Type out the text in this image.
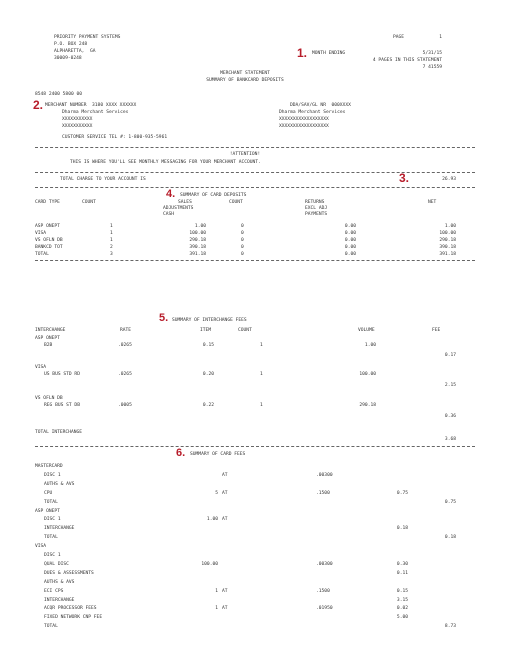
PRIORITY PAYMENT SYSTEMS
P.O. BOX 248
ALPHARETTA,  GA
30009-0248
PAGE	1
1. MONTH ENDING	5/31/15
4 PAGES IN THIS STATEMENT
7 41559
MERCHANT STATEMENT
SUMMARY OF BANKCARD DEPOSITS
8548 2400 5800 00
2. MERCHANT NUMBER  3180 XXXX XXXXXX	DDA/SAV/GL NR  000XXXX
Dharma Merchant Services	Dharma Merchant Services
XXXXXXXXXXX	XXXXXXXXXXXXXXXXXX
XXXXXXXXXXX	XXXXXXXXXXXXXXXXXX
CUSTOMER SERVICE TEL #: 1-800-935-5961
!ATTENTION!
THIS IS WHERE YOU'LL SEE MONTHLY MESSAGING FOR YOUR MERCHANT ACCOUNT.
TOTAL CHARGE TO YOUR ACCOUNT IS	3.	26.93
4. SUMMARY OF CARD DEPOSITS
CARD TYPE	COUNT	SALES	COUNT	RETURNS	NET
ADJUSTMENTS	EXCL ADJ
CASH	PAYMENTS
ASP ONEPT	1	1.00	0	0.00	1.00
VISA	1	100.00	0	0.00	100.00
VS OFLN DB	1	290.18	0	0.00	290.18
BANKCD TOT	2	390.18	0	0.00	390.18
TOTAL	3	391.18	0	0.00	391.18
5. SUMMARY OF INTERCHANGE FEES
INTERCHANGE	RATE	ITEM	COUNT	VOLUME	FEE
ASP ONEPT
B2B	.0265	0.15	1	1.00
0.17
VISA
US BUS STD RD	.0265	0.20	1	100.00
2.15
VS OFLN DB
REG BUS ST DB	.0005	0.22	1	290.18
0.36
TOTAL INTERCHANGE
3.68
6. SUMMARY OF CARD FEES
MASTERCARD
DISC 1	AT	.00300
AUTHS & AVS
CPU	5 AT	.1500	0.75
TOTAL	0.75
ASP ONEPT
DISC 1	1.00 AT
INTERCHANGE	0.18
TOTAL	0.18
VISA
DISC 1
QUAL DISC	100.00	.00300	0.30
DUES & ASSESSMENTS	0.11
AUTHS & AVS
ECI CPS	1 AT	.1500	0.15
INTERCHANGE	3.15
ACQR PROCESSOR FEES	1 AT	.01950	0.02
FIXED NETWORK CNP FEE	5.00
TOTAL	8.73
